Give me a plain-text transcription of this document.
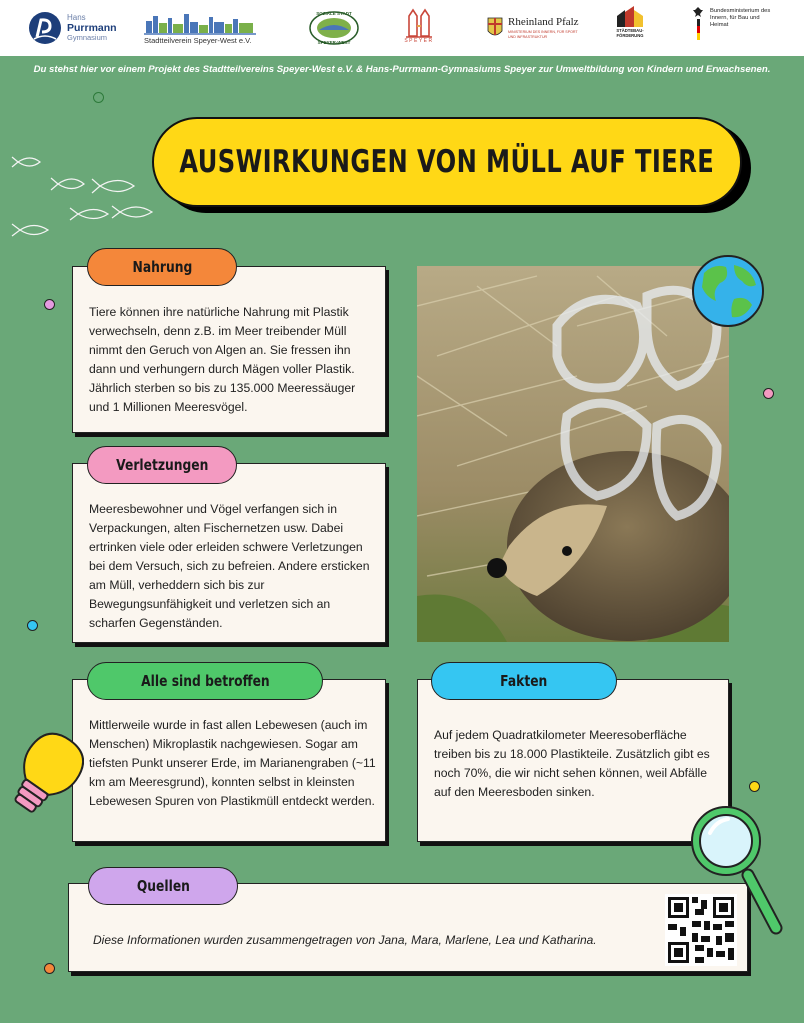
Hans
Purrmann
Gymnasium	Stadtteilverein Speyer-West e.V.
SOZIALE STADT
SPEYER-WEST	SPEYER
Rheinland Pfalz
MINISTERIUM DES INNERN, FÜR SPORT UND INFRASTRUKTUR
STÄDTEBAU-FÖRDERUNG
Bundesministerium des Innern, für Bau und Heimat
Du stehst hier vor einem Projekt des Stadtteilvereins Speyer-West e.V. & Hans-Purrmann-Gymnasiums Speyer zur Umweltbildung von Kindern und Erwachsenen.
AUSWIRKUNGEN VON MÜLL AUF TIERE

Tiere können ihre natürliche Nahrung mit Plastik verwechseln, denn z.B. im Meer treibender Müll nimmt den Geruch von Algen an. Sie fressen ihn dann und verhungern durch Mägen voller Plastik. Jährlich sterben so bis zu 135.000 Meeressäuger und 1 Millionen Meeresvögel.

Nahrung

Meeresbewohner und Vögel verfangen sich in Verpackungen, alten Fischernetzen usw. Dabei ertrinken viele oder erleiden schwere Verletzungen bei dem Versuch, sich zu befreien. Andere ersticken am Müll, verheddern sich bis zur Bewegungsunfähigkeit und verletzen sich an scharfen Gegenständen.

Verletzungen

Mittlerweile wurde in fast allen Lebewesen (auch im Menschen) Mikroplastik nachgewiesen. Sogar am tiefsten Punkt unserer Erde, im Marianengraben (~11 km am Meeresgrund), konnten selbst in kleinsten Lebewesen Spuren von Plastikmüll entdeckt werden.

Alle sind betroffen

Auf jedem Quadratkilometer Meeresoberfläche treiben bis zu 18.000 Plastikteile. Zusätzlich gibt es noch 70%, die wir nicht sehen können, weil Abfälle auf den Meeresboden sinken.

Fakten

Diese Informationen wurden zusammengetragen von Jana, Mara, Marlene, Lea und Katharina.

Quellen
